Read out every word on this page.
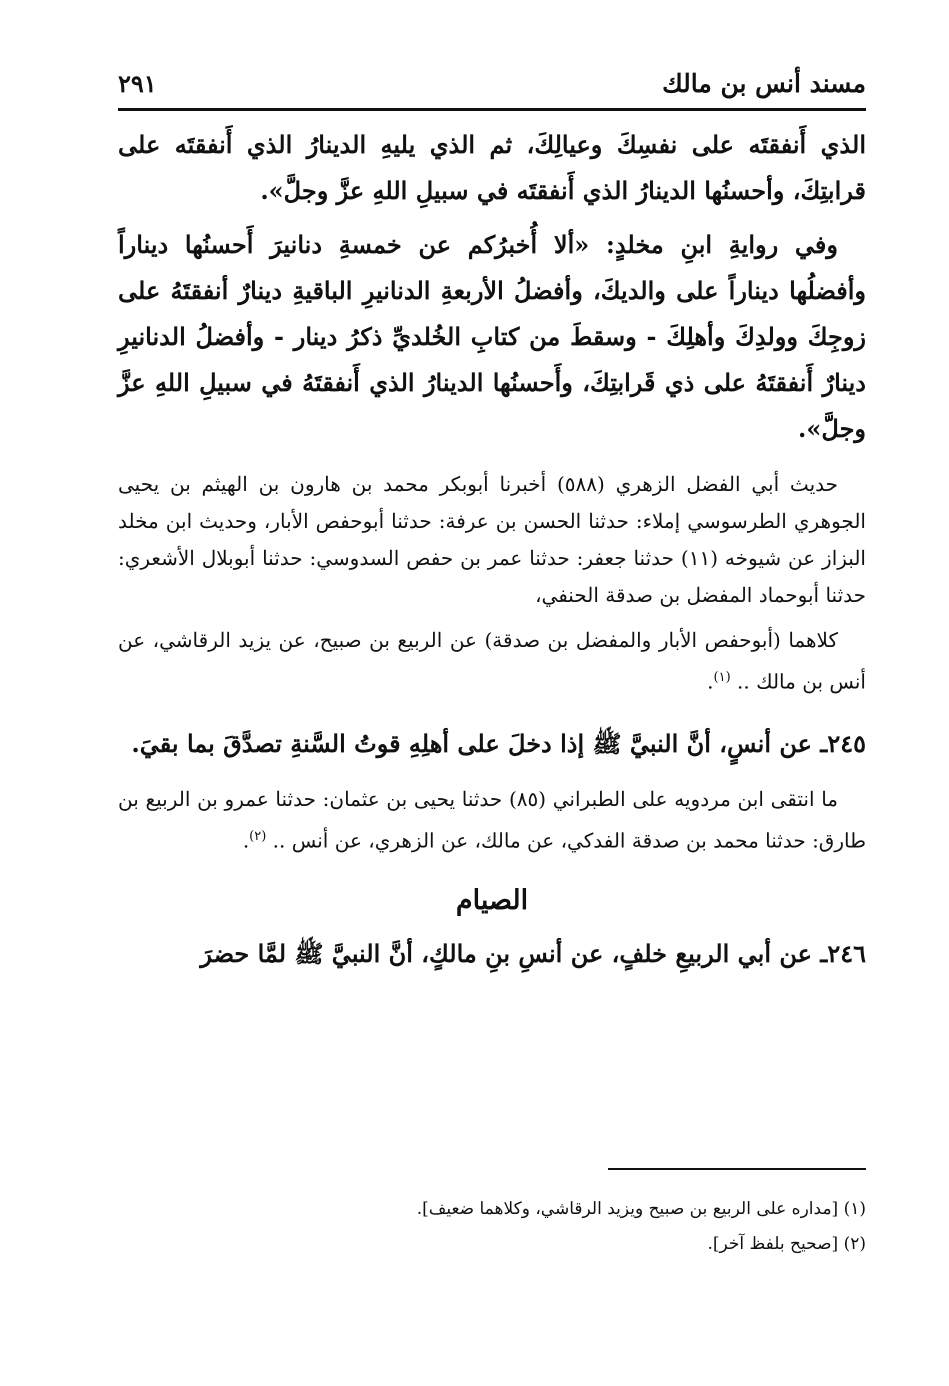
مسند أنس بن مالك
٢٩١

الذي أَنفقتَه على نفسِكَ وعيالِكَ، ثم الذي يليهِ الدينارُ الذي أَنفقتَه على قرابتِكَ، وأحسنُها الدينارُ الذي أَنفقتَه في سبيلِ اللهِ عزَّ وجلَّ».

وفي روايةِ ابنِ مخلدٍ: «ألا أُخبرُكم عن خمسةِ دنانيرَ أَحسنُها ديناراً وأفضلُها ديناراً على والديكَ، وأفضلُ الأربعةِ الدنانيرِ الباقيةِ دينارٌ أنفقتَهُ على زوجِكَ وولدِكَ وأهلِكَ - وسقطَ من كتابِ الخُلديِّ ذكرُ دينار - وأفضلُ الدنانيرِ دينارٌ أَنفقتَهُ على ذي قَرابتِكَ، وأَحسنُها الدينارُ الذي أَنفقتَهُ في سبيلِ اللهِ عزَّ وجلَّ».

حديث أبي الفضل الزهري (٥٨٨) أخبرنا أبوبكر محمد بن هارون بن الهيثم بن يحيى الجوهري الطرسوسي إملاء: حدثنا الحسن بن عرفة: حدثنا أبوحفص الأبار، وحديث ابن مخلد البزاز عن شيوخه (١١) حدثنا جعفر: حدثنا عمر بن حفص السدوسي: حدثنا أبوبلال الأشعري: حدثنا أبوحماد المفضل بن صدقة الحنفي،

كلاهما (أبوحفص الأبار والمفضل بن صدقة) عن الربيع بن صبيح، عن يزيد الرقاشي، عن أنس بن مالك .. $^{(١)}$.

٢٤٥ـ عن أنسٍ، أنَّ النبيَّ ﷺ إذا دخلَ على أهلِهِ قوتُ السَّنةِ تصدَّقَ بما بقيَ.

ما انتقى ابن مردويه على الطبراني (٨٥) حدثنا يحيى بن عثمان: حدثنا عمرو بن الربيع بن طارق: حدثنا محمد بن صدقة الفدكي، عن مالك، عن الزهري، عن أنس .. $^{(٢)}$.

الصيام

٢٤٦ـ عن أبي الربيعِ خلفٍ، عن أنسِ بنِ مالكٍ، أنَّ النبيَّ ﷺ لمَّا حضرَ

(١) [مداره على الربيع بن صبيح ويزيد الرقاشي، وكلاهما ضعيف].

(٢) [صحيح بلفظ آخر].
